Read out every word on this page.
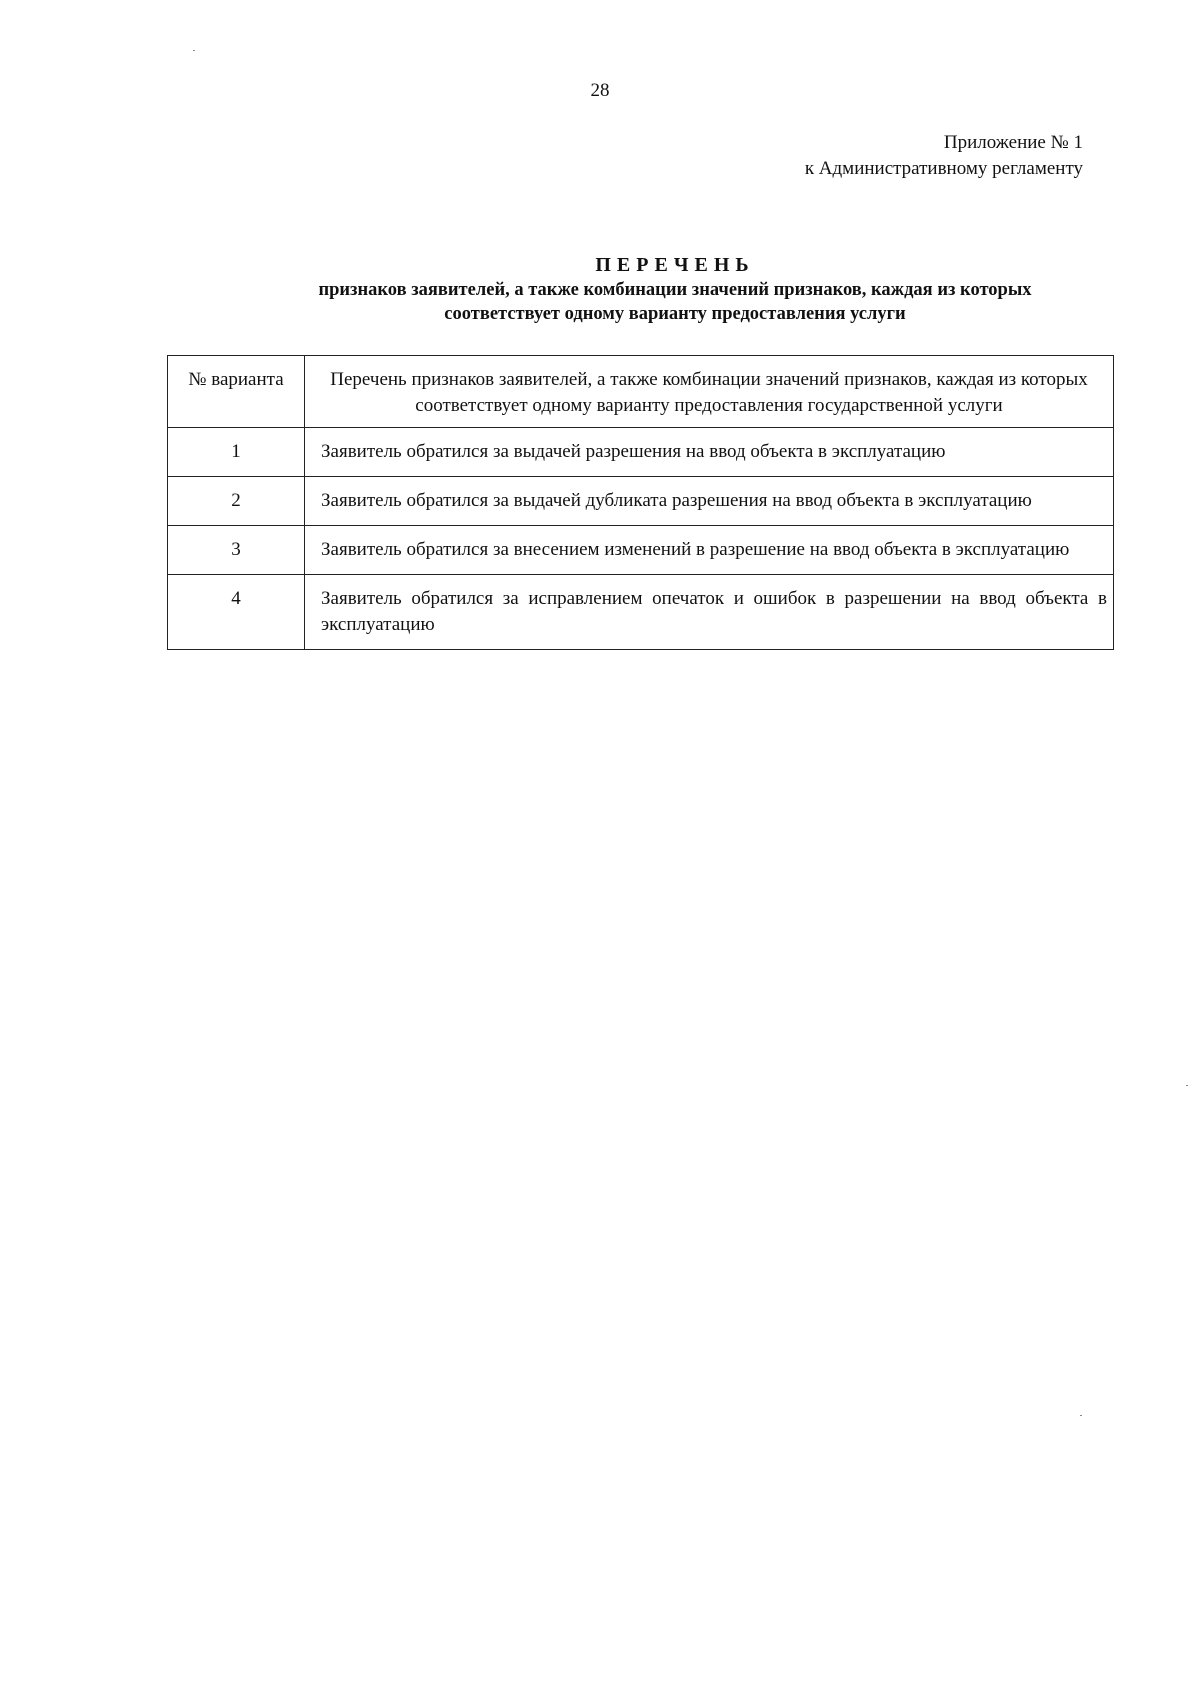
28
Приложение № 1
к Административному регламенту
ПЕРЕЧЕНЬ
признаков заявителей, а также комбинации значений признаков, каждая из которых
соответствует одному варианту предоставления услуги
№ варианта	Перечень признаков заявителей, а также комбинации значений признаков, каждая из которых соответствует одному варианту предоставления государственной услуги
1	Заявитель обратился за выдачей разрешения на ввод объекта в эксплуатацию
2	Заявитель обратился за выдачей дубликата разрешения на ввод объекта в эксплуатацию
3	Заявитель обратился за внесением изменений в разрешение на ввод объекта в эксплуатацию
4	Заявитель обратился за исправлением опечаток и ошибок в разрешении на ввод объекта в эксплуатацию
